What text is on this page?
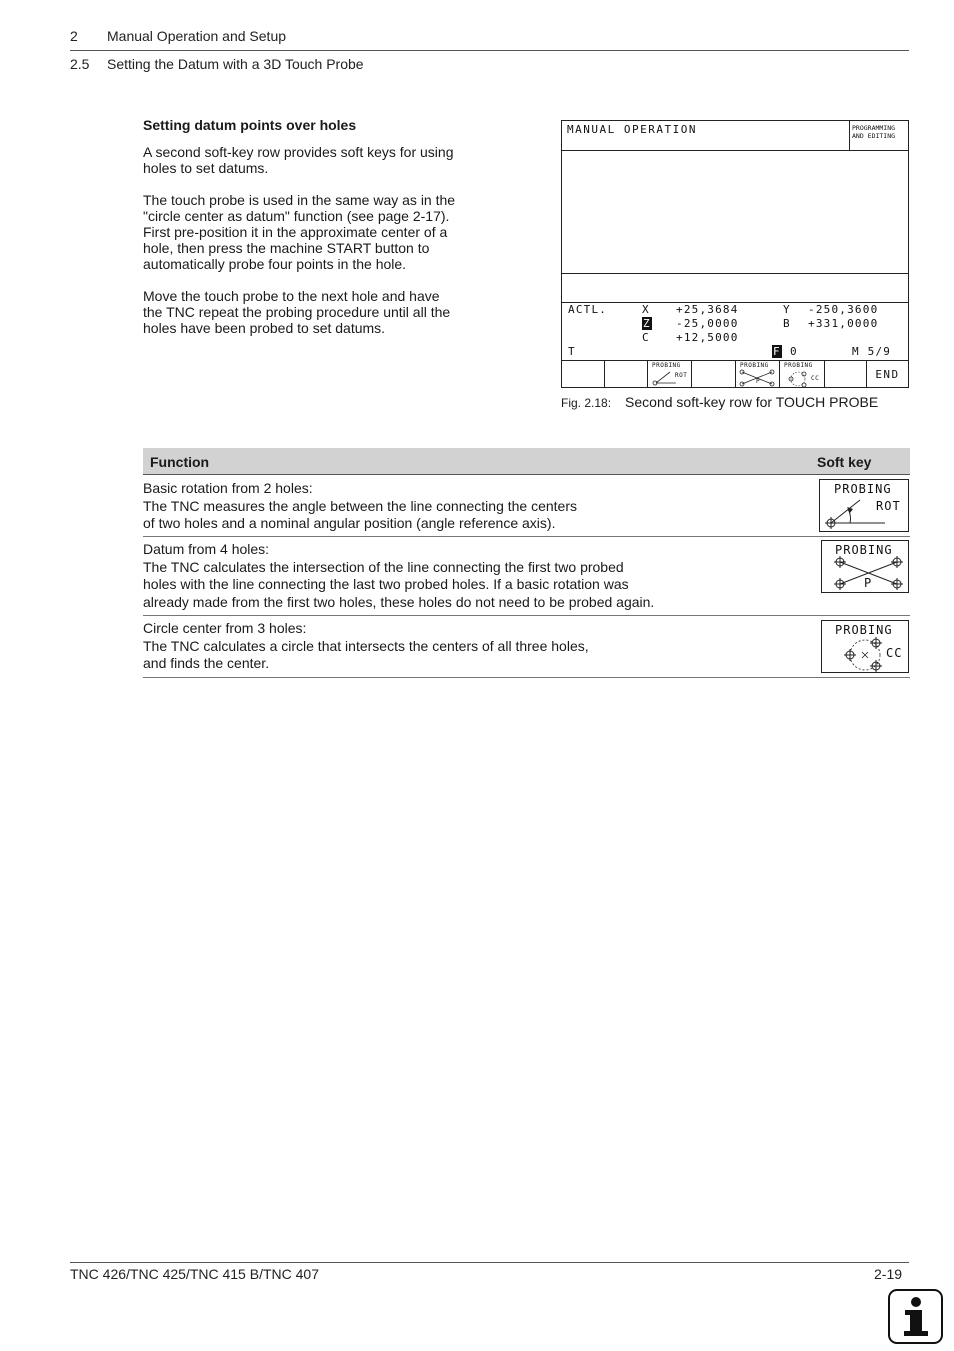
2 Manual Operation and Setup
2.5 Setting the Datum with a 3D Touch Probe
Setting datum points over holes
A second soft-key row provides soft keys for using
holes to set datums.
The touch probe is used in the same way as in the
"circle center as datum" function (see page 2-17).
First pre-position it in the approximate center of a
hole, then press the machine START button to
automatically probe four points in the hole.
Move the touch probe to the next hole and have
the TNC repeat the probing procedure until all the
holes have been probed to set datums.
MANUAL OPERATION	PROGRAMMING
AND EDITING
ACTL.	X +25,3684	Y -250,3600
Z -25,0000	B +331,0000
C +12,5000
T	F 0	M 5/9
PROBING
ROT
PROBING
P
PROBING
CC	END
Fig. 2.18: Second soft-key row for TOUCH PROBE
Function	Soft key
Basic rotation from 2 holes:
The TNC measures the angle between the line connecting the centers
of two holes and a nominal angular position (angle reference axis).
PROBING
ROT
Datum from 4 holes:
The TNC calculates the intersection of the line connecting the first two probed
holes with the line connecting the last two probed holes. If a basic rotation was
already made from the first two holes, these holes do not need to be probed again.
PROBING
P
Circle center from 3 holes:
The TNC calculates a circle that intersects the centers of all three holes,
and finds the center.
PROBING
CC
TNC 426/TNC 425/TNC 415 B/TNC 407	2-19
